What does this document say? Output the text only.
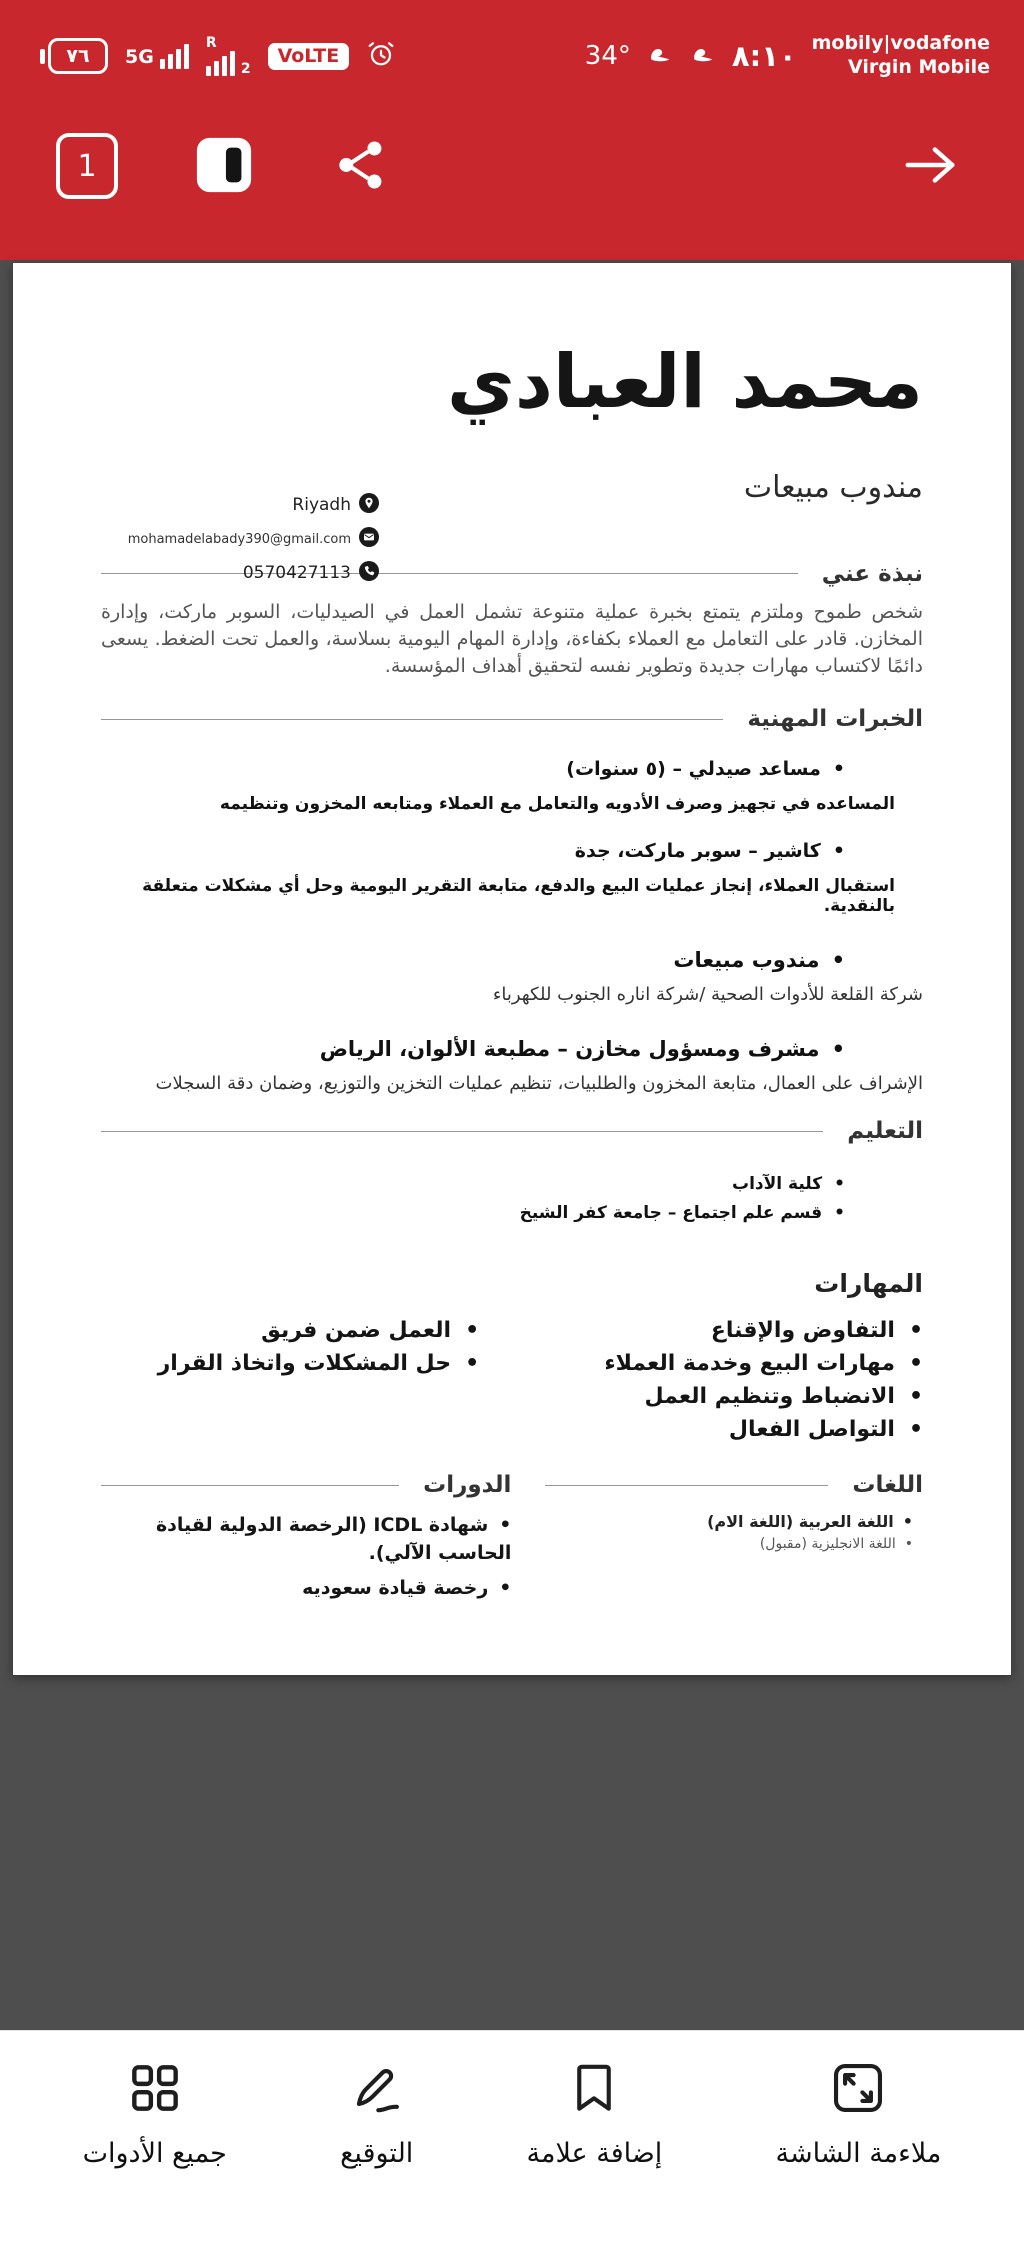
٧٦	5G
R
2
VoLTE	34°	٨:١٠ mobily|vodafone
Virgin Mobile
1
محمد العبادي
مندوب مبيعات
نبذة عني

شخص طموح وملتزم يتمتع بخبرة عملية متنوعة تشمل العمل في الصيدليات، السوبر ماركت، وإدارة المخازن. قادر على التعامل مع العملاء بكفاءة، وإدارة المهام اليومية بسلاسة، والعمل تحت الضغط. يسعى دائمًا لاكتساب مهارات جديدة وتطوير نفسه لتحقيق أهداف المؤسسة.

الخبرات المهنية
• مساعد صيدلي – (٥ سنوات)
المساعده في تجهيز وصرف الأدويه والتعامل مع العملاء ومتابعه المخزون وتنظيمه
• كاشير – سوبر ماركت، جدة
استقبال العملاء، إنجاز عمليات البيع والدفع، متابعة التقرير اليومية وحل أي مشكلات متعلقة بالنقدية.
• مندوب مبيعات
شركة القلعة للأدوات الصحية /شركة اناره الجنوب للكهرباء
• مشرف ومسؤول مخازن – مطبعة الألوان، الرياض
الإشراف على العمال، متابعة المخزون والطلبيات، تنظيم عمليات التخزين والتوزيع، وضمان دقة السجلات
التعليم
• كلية الآداب
• قسم علم اجتماع – جامعة كفر الشيخ
المهارات
• التفاوض والإقناع
• مهارات البيع وخدمة العملاء
• الانضباط وتنظيم العمل
• التواصل الفعال
• العمل ضمن فريق
• حل المشكلات واتخاذ القرار
اللغات
• اللغة العربية (اللغة الام)
• اللغة الانجليزية (مقبول)
الدورات
• شهادة ICDL (الرخصة الدولية لقيادة الحاسب الآلي).
• رخصة قيادة سعوديه
Riyadh
mohamadelabady390@gmail.com
0570427113
ملاءمة الشاشة
إضافة علامة
التوقيع
جميع الأدوات
